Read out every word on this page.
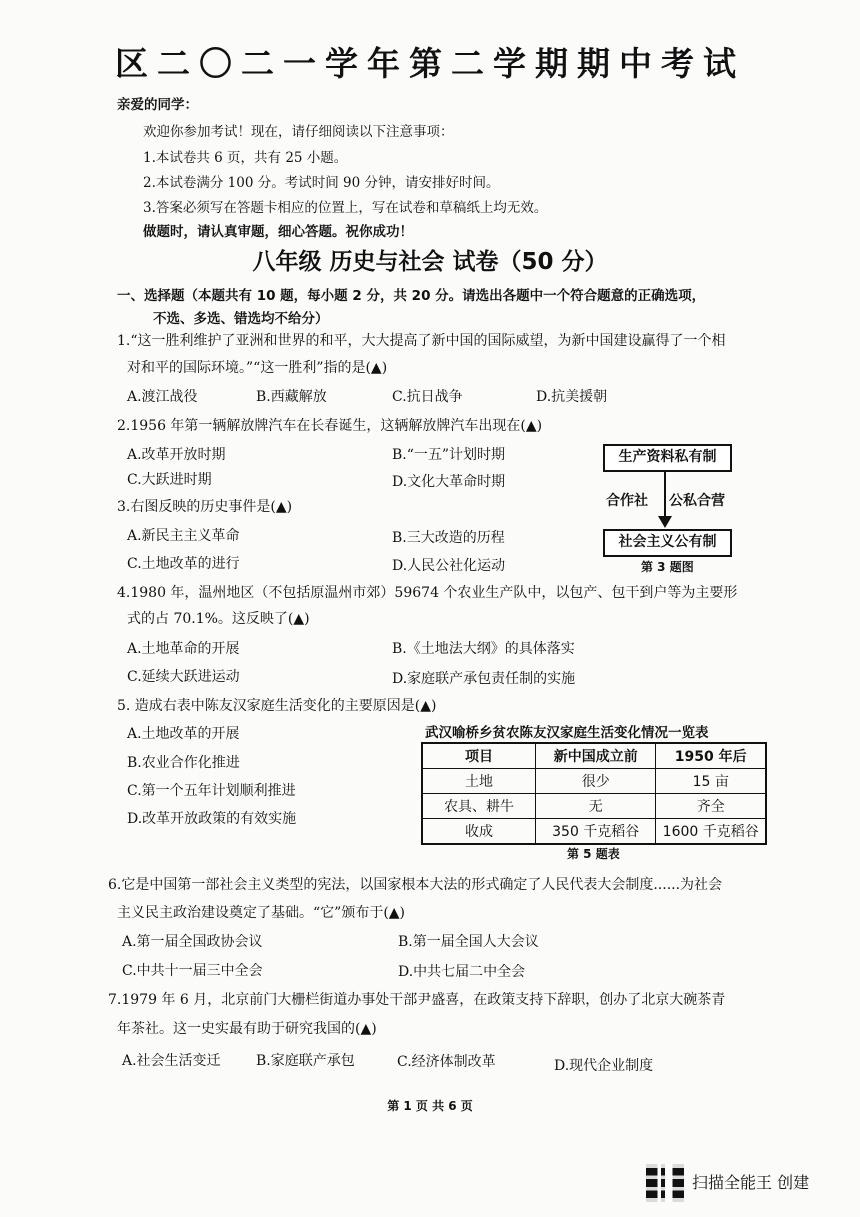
区二〇二一学年第二学期期中考试
亲爱的同学：
欢迎你参加考试！现在，请仔细阅读以下注意事项：
1.本试卷共 6 页，共有 25 小题。
2.本试卷满分 100 分。考试时间 90 分钟，请安排好时间。
3.答案必须写在答题卡相应的位置上，写在试卷和草稿纸上均无效。
做题时，请认真审题，细心答题。祝你成功！
八年级 历史与社会 试卷（50 分）
一、选择题（本题共有 10 题，每小题 2 分，共 20 分。请选出各题中一个符合题意的正确选项，
不选、多选、错选均不给分）
1.“这一胜利维护了亚洲和世界的和平，大大提高了新中国的国际威望，为新中国建设赢得了一个相
对和平的国际环境。”“这一胜利”指的是(▲)
A.渡江战役	B.西藏解放	C.抗日战争	D.抗美援朝
2.1956 年第一辆解放牌汽车在长春诞生，这辆解放牌汽车出现在(▲)
A.改革开放时期	B.“一五”计划时期
C.大跃进时期	D.文化大革命时期
3.右图反映的历史事件是(▲)
A.新民主主义革命	B.三大改造的历程
C.土地改革的进行	D.人民公社化运动
生产资料私有制
合作社 公私合营
社会主义公有制
第 3 题图
4.1980 年，温州地区（不包括原温州市郊）59674 个农业生产队中，以包产、包干到户等为主要形
式的占 70.1%。这反映了(▲)
A.土地革命的开展	B.《土地法大纲》的具体落实
C.延续大跃进运动	D.家庭联产承包责任制的实施
5. 造成右表中陈友汉家庭生活变化的主要原因是(▲)
A.土地改革的开展
B.农业合作化推进
C.第一个五年计划顺利推进
D.改革开放政策的有效实施
武汉喻桥乡贫农陈友汉家庭生活变化情况一览表
项目	新中国成立前	1950 年后
土地	很少	15 亩
农具、耕牛	无	齐全
收成	350 千克稻谷	1600 千克稻谷
第 5 题表
6.它是中国第一部社会主义类型的宪法，以国家根本大法的形式确定了人民代表大会制度......为社会
主义民主政治建设奠定了基础。“它”颁布于(▲)
A.第一届全国政协会议	B.第一届全国人大会议
C.中共十一届三中全会	D.中共七届二中全会
7.1979 年 6 月，北京前门大栅栏街道办事处干部尹盛喜，在政策支持下辞职，创办了北京大碗茶青
年茶社。这一史实最有助于研究我国的(▲)
A.社会生活变迁	B.家庭联产承包	C.经济体制改革	D.现代企业制度
第 1 页 共 6 页
扫描全能王 创建
